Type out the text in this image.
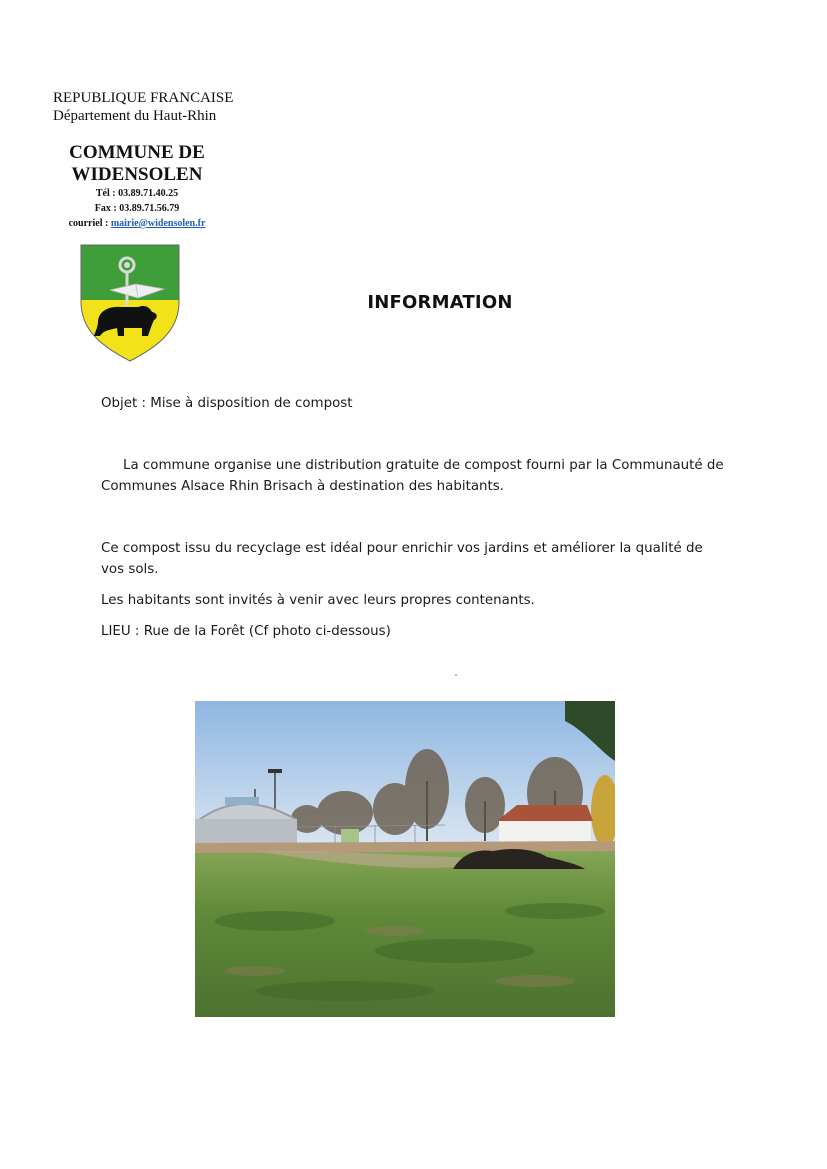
REPUBLIQUE FRANCAISE
Département du Haut-Rhin
COMMUNE DE
WIDENSOLEN
Tél : 03.89.71.40.25
Fax : 03.89.71.56.79
courriel : mairie@widensolen.fr
INFORMATION
Objet : Mise à disposition de compost
La commune organise une distribution gratuite de compost fourni par la Communauté de Communes Alsace Rhin Brisach à destination des habitants.
Ce compost issu du recyclage est idéal pour enrichir vos jardins et améliorer la qualité de vos sols.
Les habitants sont invités à venir avec leurs propres contenants.
LIEU : Rue de la Forêt (Cf photo ci-dessous)
